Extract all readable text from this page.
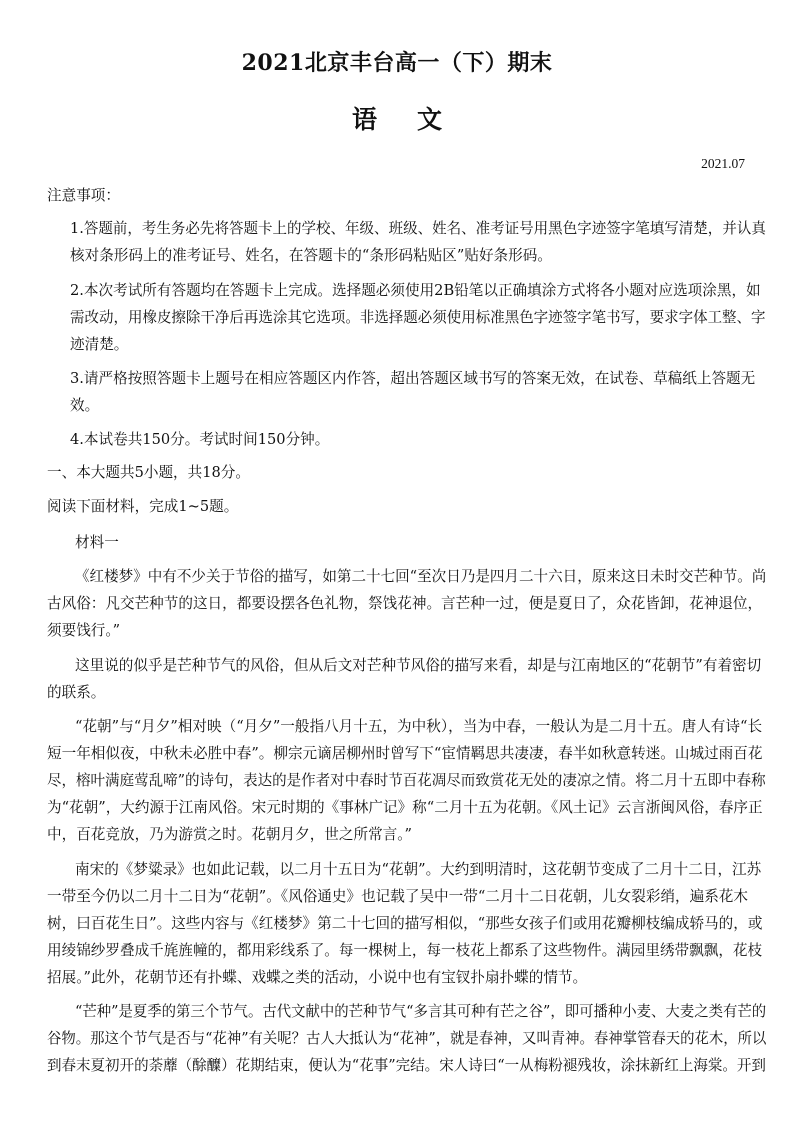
2021北京丰台高一（下）期末
语文
2021.07
注意事项：
1.答题前，考生务必先将答题卡上的学校、年级、班级、姓名、准考证号用黑色字迹签字笔填写清楚，并认真
核对条形码上的准考证号、姓名，在答题卡的“条形码粘贴区”贴好条形码。
2.本次考试所有答题均在答题卡上完成。选择题必须使用2B铅笔以正确填涂方式将各小题对应选项涂黑，如
需改动，用橡皮擦除干净后再选涂其它选项。非选择题必须使用标准黑色字迹签字笔书写，要求字体工整、字
迹清楚。
3.请严格按照答题卡上题号在相应答题区内作答，超出答题区域书写的答案无效，在试卷、草稿纸上答题无
效。
4.本试卷共150分。考试时间150分钟。
一、本大题共5小题，共18分。
阅读下面材料，完成1~5题。
材料一
《红楼梦》中有不少关于节俗的描写，如第二十七回“至次日乃是四月二十六日，原来这日未时交芒种节。尚
古风俗：凡交芒种节的这日，都要设摆各色礼物，祭饯花神。言芒种一过，便是夏日了，众花皆卸，花神退位，
须要饯行。”
这里说的似乎是芒种节气的风俗，但从后文对芒种节风俗的描写来看，却是与江南地区的“花朝节”有着密切
的联系。
“花朝”与“月夕”相对映（“月夕”一般指八月十五，为中秋），当为中春，一般认为是二月十五。唐人有诗“长
短一年相似夜，中秋未必胜中春”。柳宗元谪居柳州时曾写下“宦情羁思共凄凄，春半如秋意转迷。山城过雨百花
尽，榕叶满庭莺乱啼”的诗句，表达的是作者对中春时节百花凋尽而致赏花无处的凄凉之情。将二月十五即中春称
为“花朝”，大约源于江南风俗。宋元时期的《事林广记》称“二月十五为花朝。《风土记》云言浙闽风俗，春序正
中，百花竞放，乃为游赏之时。花朝月夕，世之所常言。”
南宋的《梦粱录》也如此记载，以二月十五日为“花朝”。大约到明清时，这花朝节变成了二月十二日，江苏
一带至今仍以二月十二日为“花朝”。《风俗通史》也记载了吴中一带“二月十二日花朝，儿女裂彩绡，遍系花木
树，曰百花生日”。这些内容与《红楼梦》第二十七回的描写相似，“那些女孩子们或用花瓣柳枝编成轿马的，或
用绫锦纱罗叠成千旄旌幢的，都用彩线系了。每一棵树上，每一枝花上都系了这些物件。满园里绣带飘飘，花枝
招展。”此外，花朝节还有扑蝶、戏蝶之类的活动，小说中也有宝钗扑扇扑蝶的情节。
“芒种”是夏季的第三个节气。古代文献中的芒种节气“多言其可种有芒之谷”，即可播种小麦、大麦之类有芒的
谷物。那这个节气是否与“花神”有关呢？古人大抵认为“花神”，就是春神，又叫青神。春神掌管春天的花木，所以
到春末夏初开的荼蘼（酴醾）花期结束，便认为“花事”完结。宋人诗曰“一从梅粉褪残妆，涂抹新红上海棠。开到
